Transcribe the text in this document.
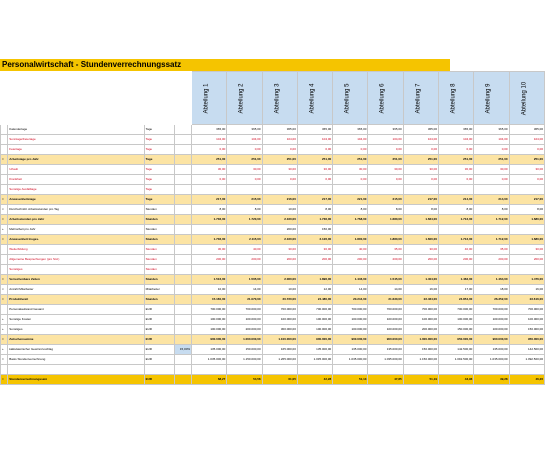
Personalwirtschaft - Stundenverrechnungssatz

				Abteilung 1	Abteilung 2	Abteilung 3	Abteilung 4	Abteilung 5	Abteilung 6	Abteilung 7	Abteilung 8	Abteilung 9	Abteilung 10

	Kalendertage	Tage		365,00	365,00	365,00	365,00	365,00	365,00	365,00	365,00	365,00	365,00
	Sonntage/Feiertage	Tage		104,00	104,00	104,00	104,00	104,00	104,00	104,00	104,00	104,00	104,00
	Feiertage	Tage		0,00	0,00	0,00	0,00	0,00	0,00	0,00	0,00	0,00	0,00
=	Arbeitstage pro Jahr	Tage		251,00	251,00	251,00	251,00	251,00	251,00	251,00	251,00	251,00	251,00
	Urlaub	Tage		30,00	30,00	30,00	30,00	30,00	30,00	30,00	30,00	30,00	30,00
	Krankheit	Tage		0,00	0,00	0,00	0,00	0,00	0,00	0,00	0,00	0,00	0,00
	Sonstige Ausfalltage	Tage											
=	Anwesenheitstage	Tage		217,00	215,00	216,00	217,00	221,00	215,00	217,00	214,00	214,00	217,00
×	Durchschnittl. Arbeitsstunden pro Tag	Stunden		8,00	8,00	10,00	8,00	8,00	8,00	8,00	8,00	8,00	8,00
=	Arbeitsstunden pro Jahr	Stunden		1.736,00	1.720,00	2.160,00	1.736,00	1.768,00	1.680,00	1.664,00	1.712,00	1.712,00	1.680,00
+	Mehrarbeit pro Jahr	Stunden				200,00	150,00						
=	Anwesenheit Insges.	Stunden		1.736,00	2.115,00	2.160,00	2.126,00	1.800,00	1.880,00	1.600,00	1.712,00	1.712,00	1.680,00
	Weiterbildung	Stunden		30,00	40,00	30,00	30,00	40,00	35,00	30,00	40,00	35,00	30,00
	Allgemeine Besprechungen (pro Std.)	Stunden		200,00	200,00	200,00	200,00	200,00	200,00	200,00	200,00	200,00	200,00
	Sonstiges	Stunden											
=	Verrechenbare Zeiten	Stunden		1.516,00	1.505,00	2.060,00	1.896,00	1.446,00	1.545,00	1.404,00	1.462,00	1.464,00	1.476,00
×	Anzahl Mitarbeiter	Mitarbeiter		10,00	14,00	10,00	12,00	14,00	14,00	16,00	17,00	18,00	16,00
=	Produktivzeit	Stunden		15.160,00	21.070,00	20.720,00	24.480,00	20.244,00	21.630,00	22.464,00	24.854,00	26.352,00	23.616,00
	Personalaufwand Gesamt	EUR		700.000,00	700.000,00	700.000,00	700.000,00	700.000,00	700.000,00	700.000,00	700.000,00	700.000,00	700.000,00
+	Sonstige Kosten	EUR		100.000,00	100.000,00	100.000,00	100.000,00	100.000,00	100.000,00	100.000,00	100.000,00	100.000,00	100.000,00
+	Sonstiges	EUR		100.000,00	200.000,00	300.000,00	100.000,00	100.000,00	100.000,00	200.000,00	150.000,00	100.000,00	150.000,00
=	Zwischensumme	EUR		900.000,00	1.000.000,00	1.100.000,00	900.000,00	900.000,00	900.000,00	1.000.000,00	950.000,00	900.000,00	950.000,00
+	kalkulatorischer Gewinnzuschlag	EUR	15,00%	135.000,00	150.000,00	165.000,00	135.000,00	135.000,00	135.000,00	150.000,00	142.500,00	135.000,00	142.500,00
=	Basis Stundenverrechnung	EUR		1.035.000,00	1.150.000,00	1.265.000,00	1.035.000,00	1.035.000,00	1.035.000,00	1.150.000,00	1.092.500,00	1.035.000,00	1.092.500,00

=	Stundenverrechnungssatz	EUR		68,27	54,58	61,05	42,28	51,13	47,85	51,19	43,96	39,28	46,26
